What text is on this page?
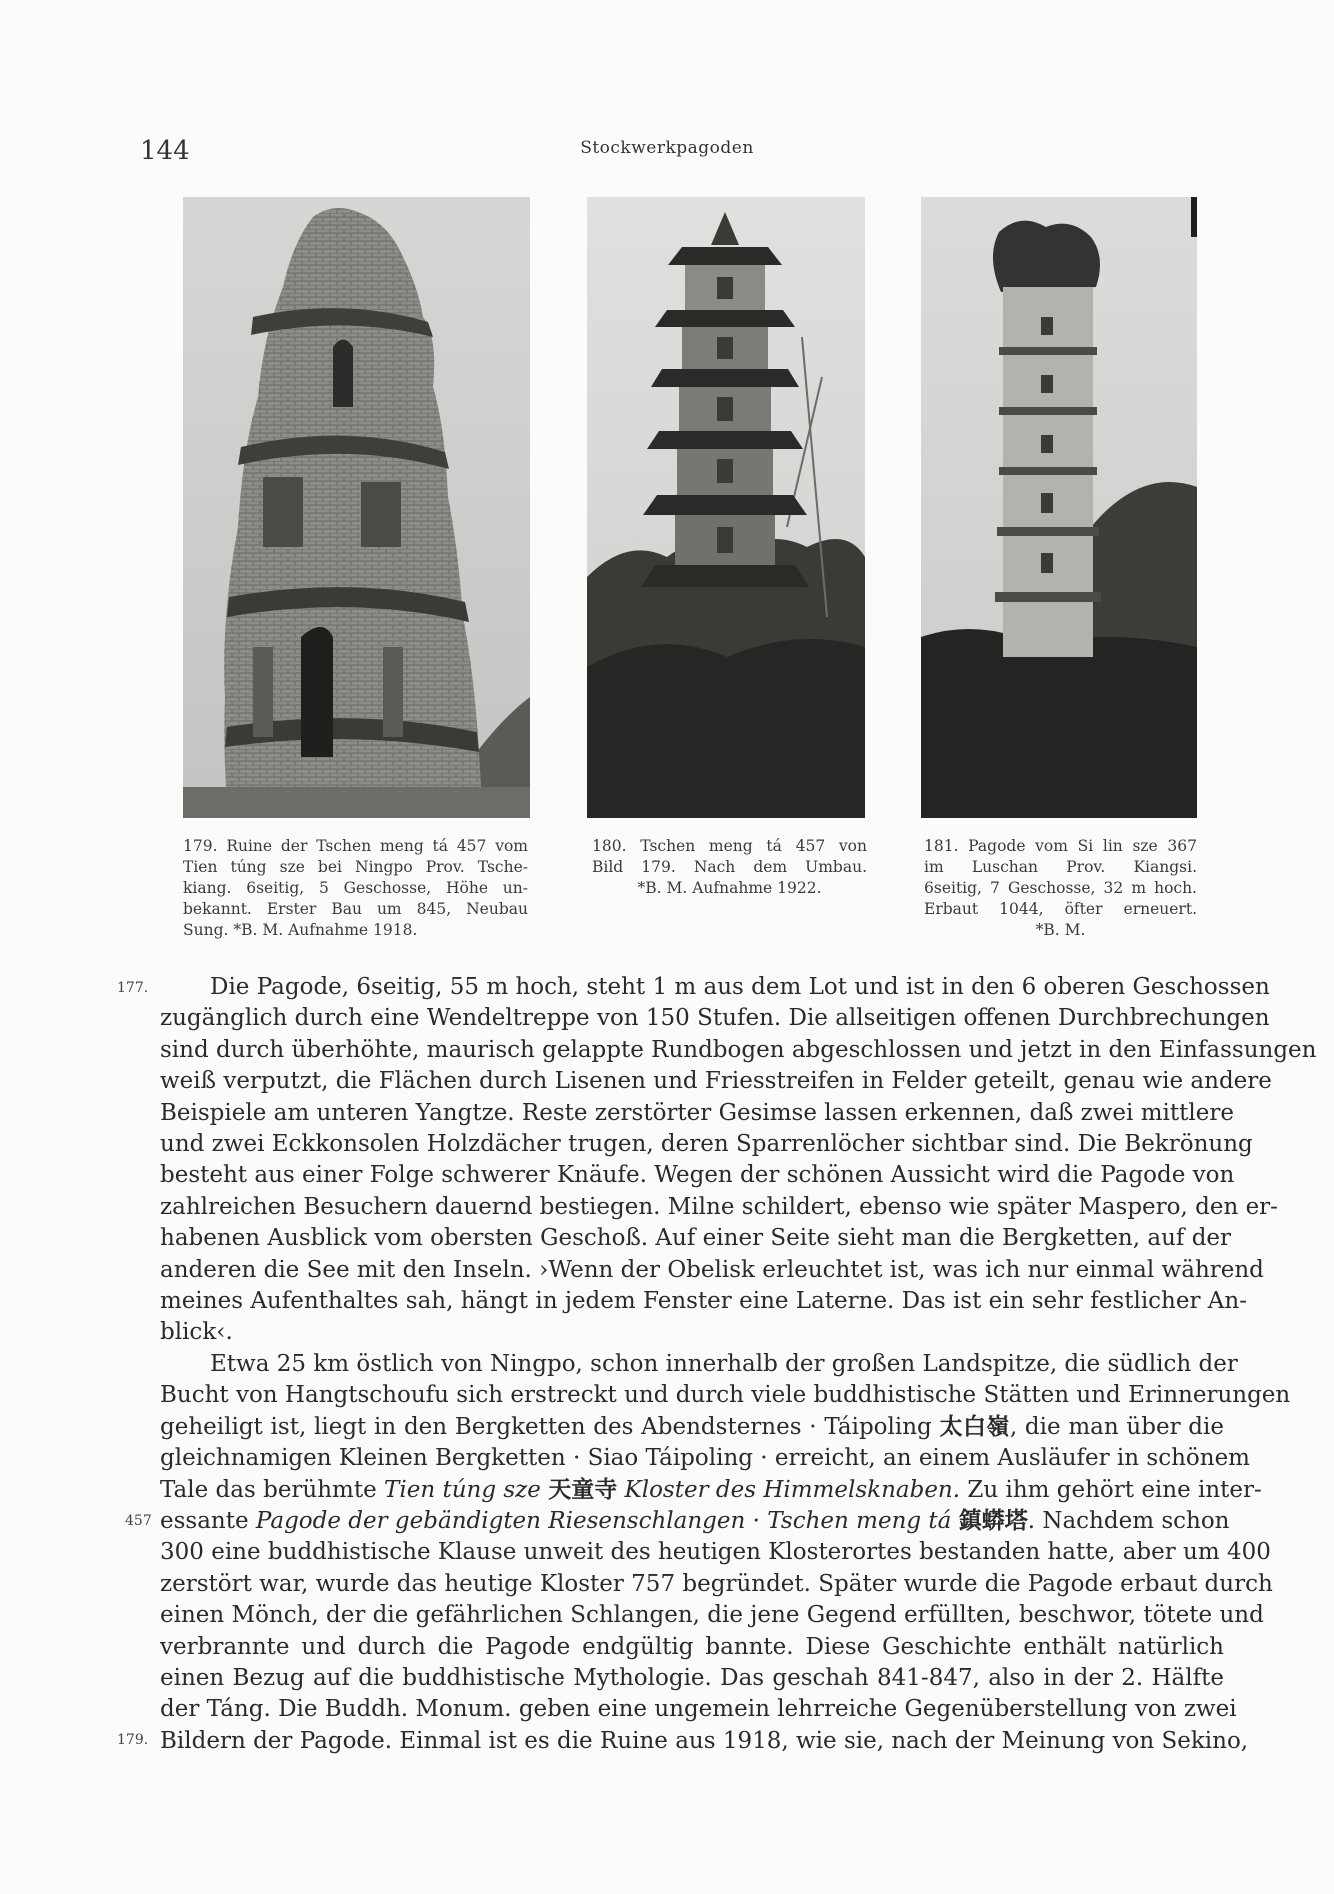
144	Stockwerkpagoden
179. Ruine der Tschen meng tá 457 vom
Tien túng sze bei Ningpo Prov. Tsche-
kiang. 6seitig, 5 Geschosse, Höhe un-
bekannt. Erster Bau um 845, Neubau
Sung. *B. M. Aufnahme 1918.
180. Tschen meng tá 457 von
Bild 179. Nach dem Umbau.
*B. M. Aufnahme 1922.
181. Pagode vom Si lin sze 367
im Luschan Prov. Kiangsi.
6seitig, 7 Geschosse, 32 m hoch.
Erbaut 1044, öfter erneuert.
*B. M.
177.
457
179.
Die Pagode, 6seitig, 55 m hoch, steht 1 m aus dem Lot und ist in den 6 oberen Geschossen
zugänglich durch eine Wendeltreppe von 150 Stufen. Die allseitigen offenen Durchbrechungen
sind durch überhöhte, maurisch gelappte Rundbogen abgeschlossen und jetzt in den Einfassungen
weiß verputzt, die Flächen durch Lisenen und Friesstreifen in Felder geteilt, genau wie andere
Beispiele am unteren Yangtze. Reste zerstörter Gesimse lassen erkennen, daß zwei mittlere
und zwei Eckkonsolen Holzdächer trugen, deren Sparrenlöcher sichtbar sind. Die Bekrönung
besteht aus einer Folge schwerer Knäufe. Wegen der schönen Aussicht wird die Pagode von
zahlreichen Besuchern dauernd bestiegen. Milne schildert, ebenso wie später Maspero, den er-
habenen Ausblick vom obersten Geschoß. Auf einer Seite sieht man die Bergketten, auf der
anderen die See mit den Inseln. ›Wenn der Obelisk erleuchtet ist, was ich nur einmal während
meines Aufenthaltes sah, hängt in jedem Fenster eine Laterne. Das ist ein sehr festlicher An-
blick‹.
Etwa 25 km östlich von Ningpo, schon innerhalb der großen Landspitze, die südlich der
Bucht von Hangtschoufu sich erstreckt und durch viele buddhistische Stätten und Erinnerungen
geheiligt ist, liegt in den Bergketten des Abendsternes · Táipoling 太白嶺, die man über die
gleichnamigen Kleinen Bergketten · Siao Táipoling · erreicht, an einem Ausläufer in schönem
Tale das berühmte Tien túng sze 天童寺 Kloster des Himmelsknaben. Zu ihm gehört eine inter-
essante Pagode der gebändigten Riesenschlangen · Tschen meng tá 鎮蟒塔. Nachdem schon
300 eine buddhistische Klause unweit des heutigen Klosterortes bestanden hatte, aber um 400
zerstört war, wurde das heutige Kloster 757 begründet. Später wurde die Pagode erbaut durch
einen Mönch, der die gefährlichen Schlangen, die jene Gegend erfüllten, beschwor, tötete und
verbrannte und durch die Pagode endgültig bannte. Diese Geschichte enthält natürlich
einen Bezug auf die buddhistische Mythologie. Das geschah 841-847, also in der 2. Hälfte
der Táng. Die Buddh. Monum. geben eine ungemein lehrreiche Gegenüberstellung von zwei
Bildern der Pagode. Einmal ist es die Ruine aus 1918, wie sie, nach der Meinung von Sekino,
